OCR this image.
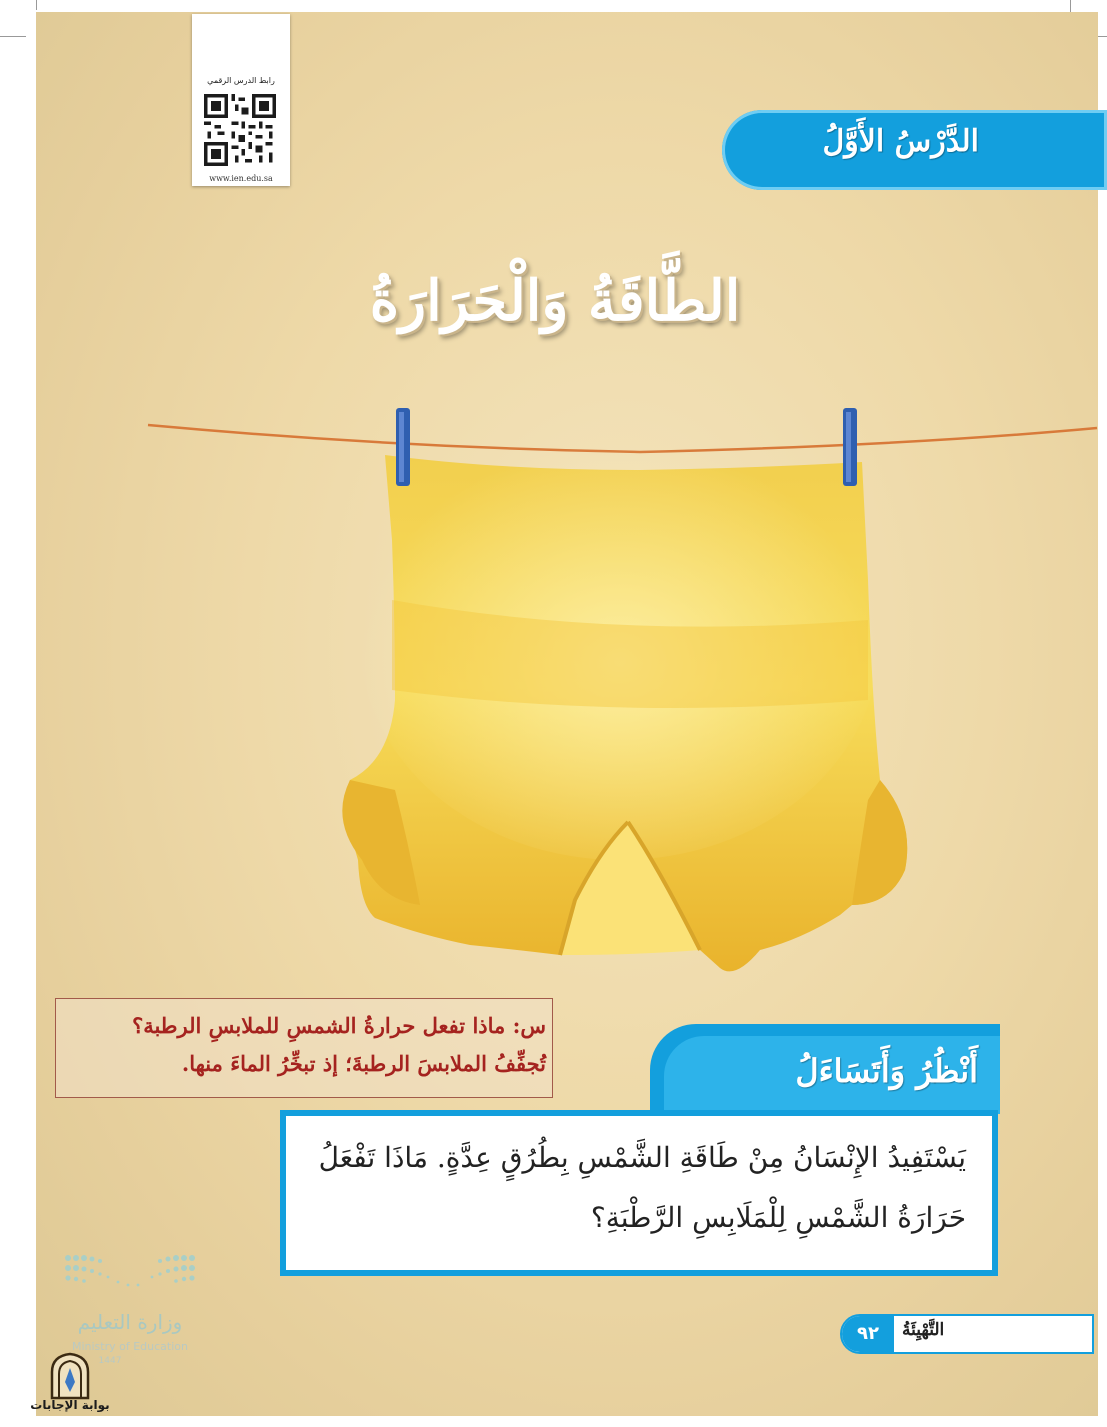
رابط الدرس الرقمي
www.ien.edu.sa
الدَّرْسُ الأَوَّلُ
الطَّاقَةُ وَالْحَرَارَةُ
س: ماذا تفعل حرارةُ الشمسِ للملابسِ الرطبة؟
تُجفِّفُ الملابسَ الرطبةَ؛ إذ تبخِّرُ الماءَ منها.	أَنْظُرُ وَأَتَسَاءَلُ
يَسْتَفِيدُ الإِنْسَانُ مِنْ طَاقَةِ الشَّمْسِ بِطُرُقٍ عِدَّةٍ. مَاذَا تَفْعَلُ
حَرَارَةُ الشَّمْسِ لِلْمَلَابِسِ الرَّطْبَةِ؟
وزارة التعليم
Ministry of Education
1447
٩٢	التَّهْيِئَةُ
بوابة الإجابات
